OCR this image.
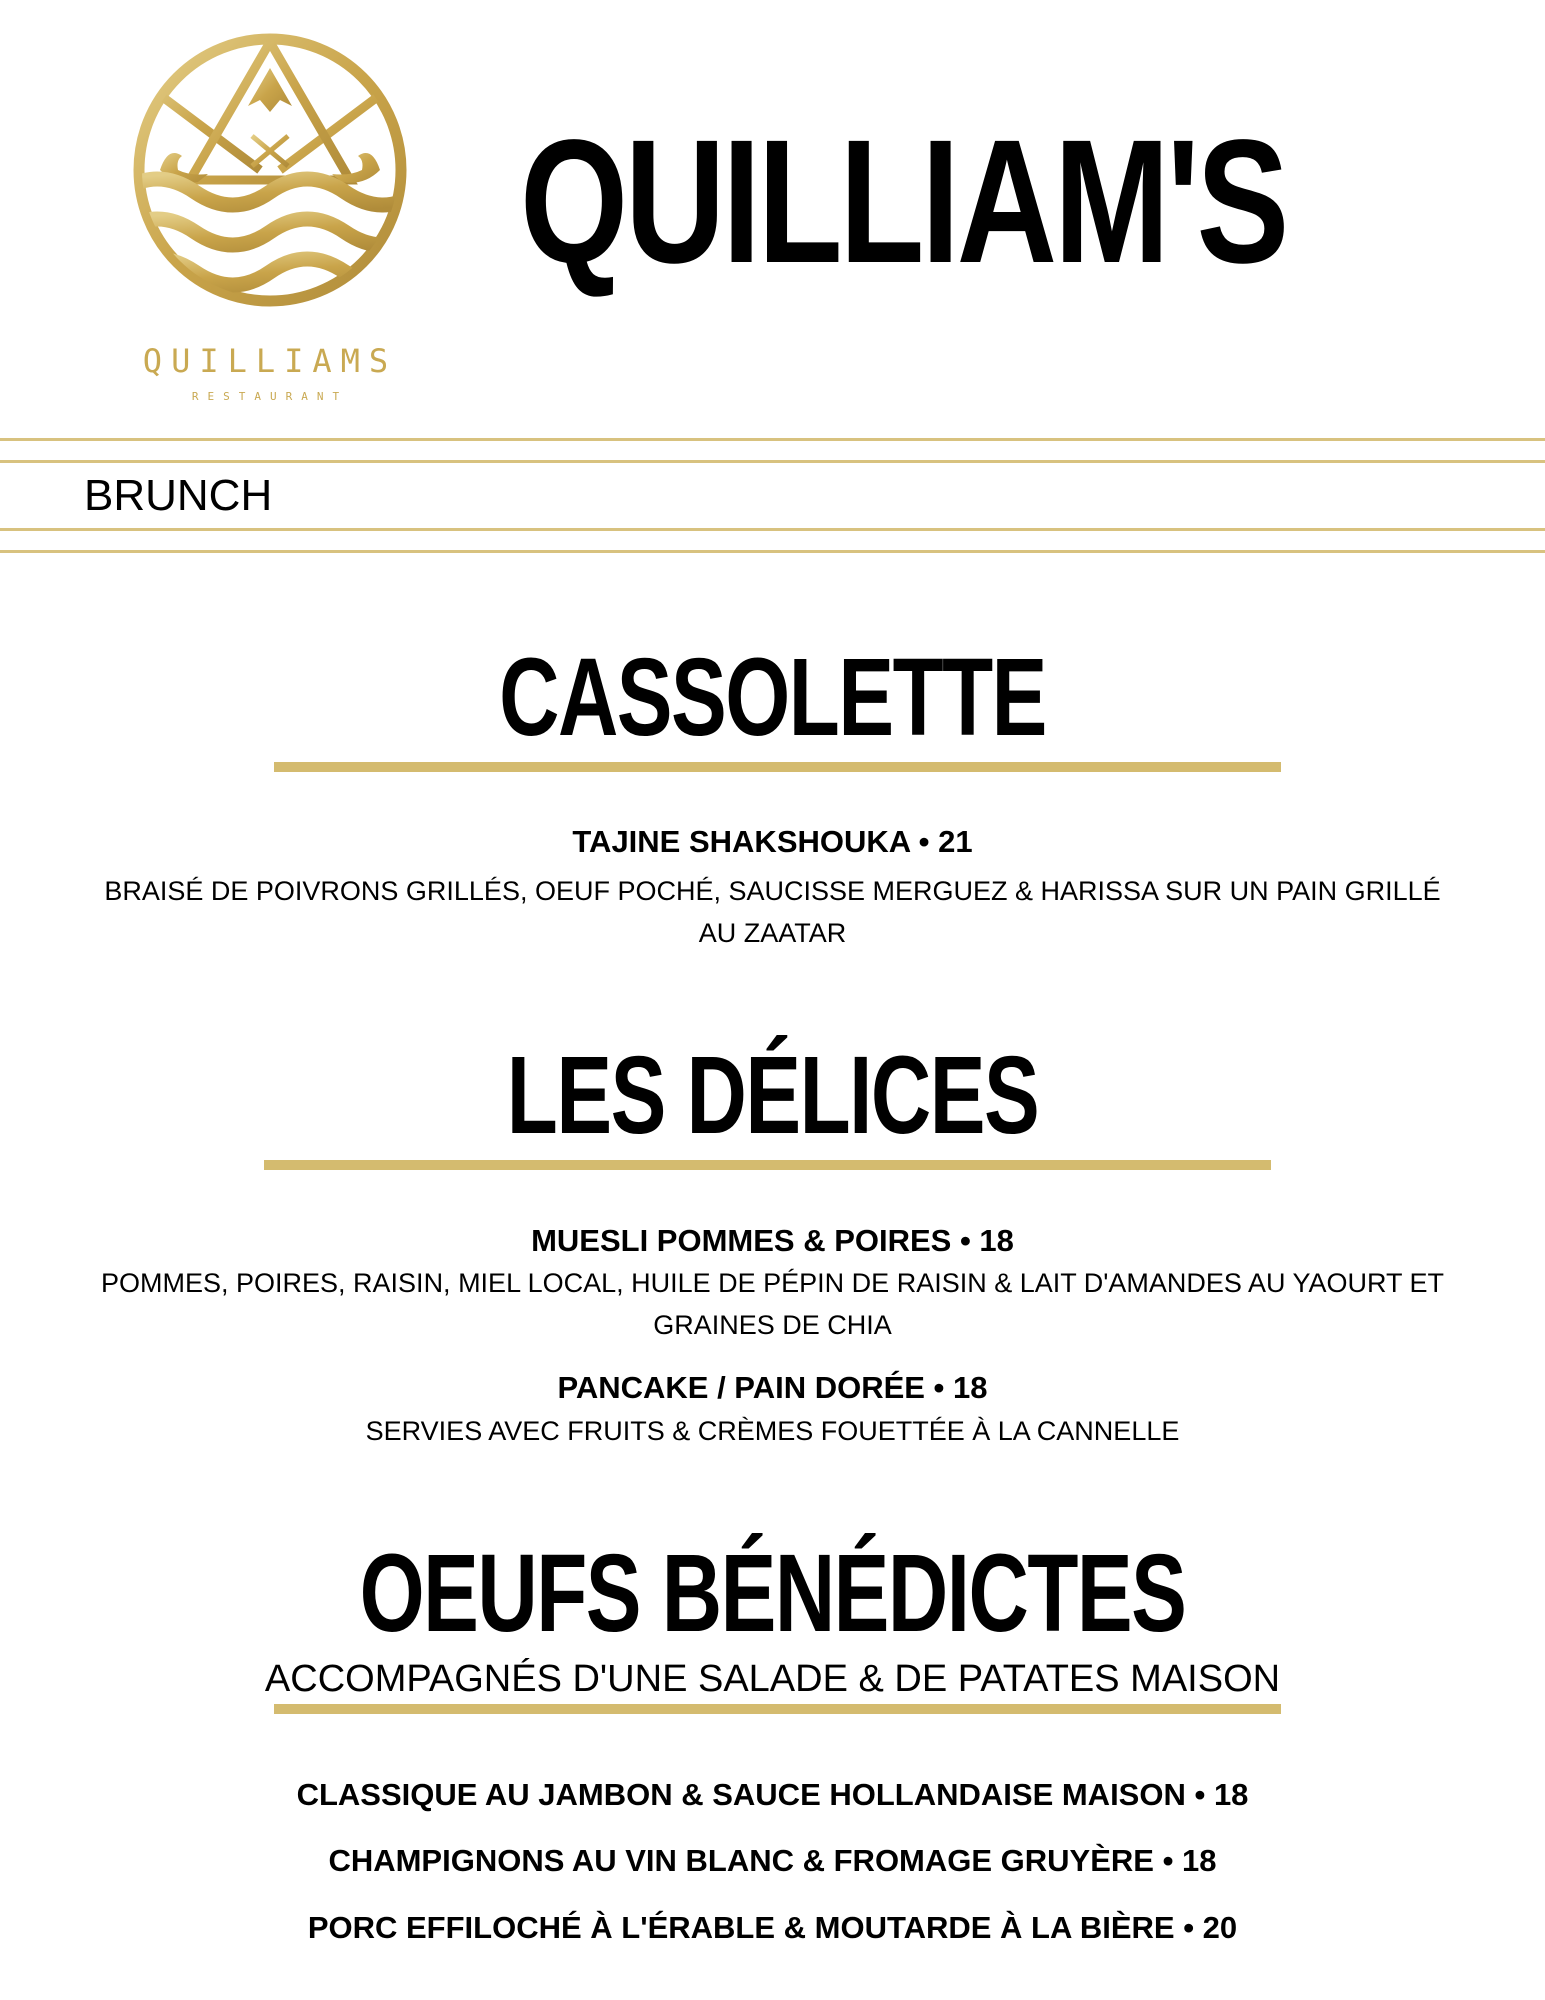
QUILLIAMS
RESTAURANT
QUILLIAM'S
BRUNCH
CASSOLETTE
TAJINE SHAKSHOUKA • 21
BRAISÉ DE POIVRONS GRILLÉS, OEUF POCHÉ, SAUCISSE MERGUEZ & HARISSA SUR UN PAIN GRILLÉ AU ZAATAR
LES DÉLICES
MUESLI POMMES & POIRES • 18
POMMES, POIRES, RAISIN, MIEL LOCAL, HUILE DE PÉPIN DE RAISIN & LAIT D'AMANDES AU YAOURT ET GRAINES DE CHIA
PANCAKE / PAIN DORÉE • 18
SERVIES AVEC FRUITS & CRÈMES FOUETTÉE À LA CANNELLE
OEUFS BÉNÉDICTES
ACCOMPAGNÉS D'UNE SALADE & DE PATATES MAISON
CLASSIQUE AU JAMBON & SAUCE HOLLANDAISE MAISON • 18
CHAMPIGNONS AU VIN BLANC & FROMAGE GRUYÈRE • 18
PORC EFFILOCHÉ À L'ÉRABLE & MOUTARDE À LA BIÈRE • 20
